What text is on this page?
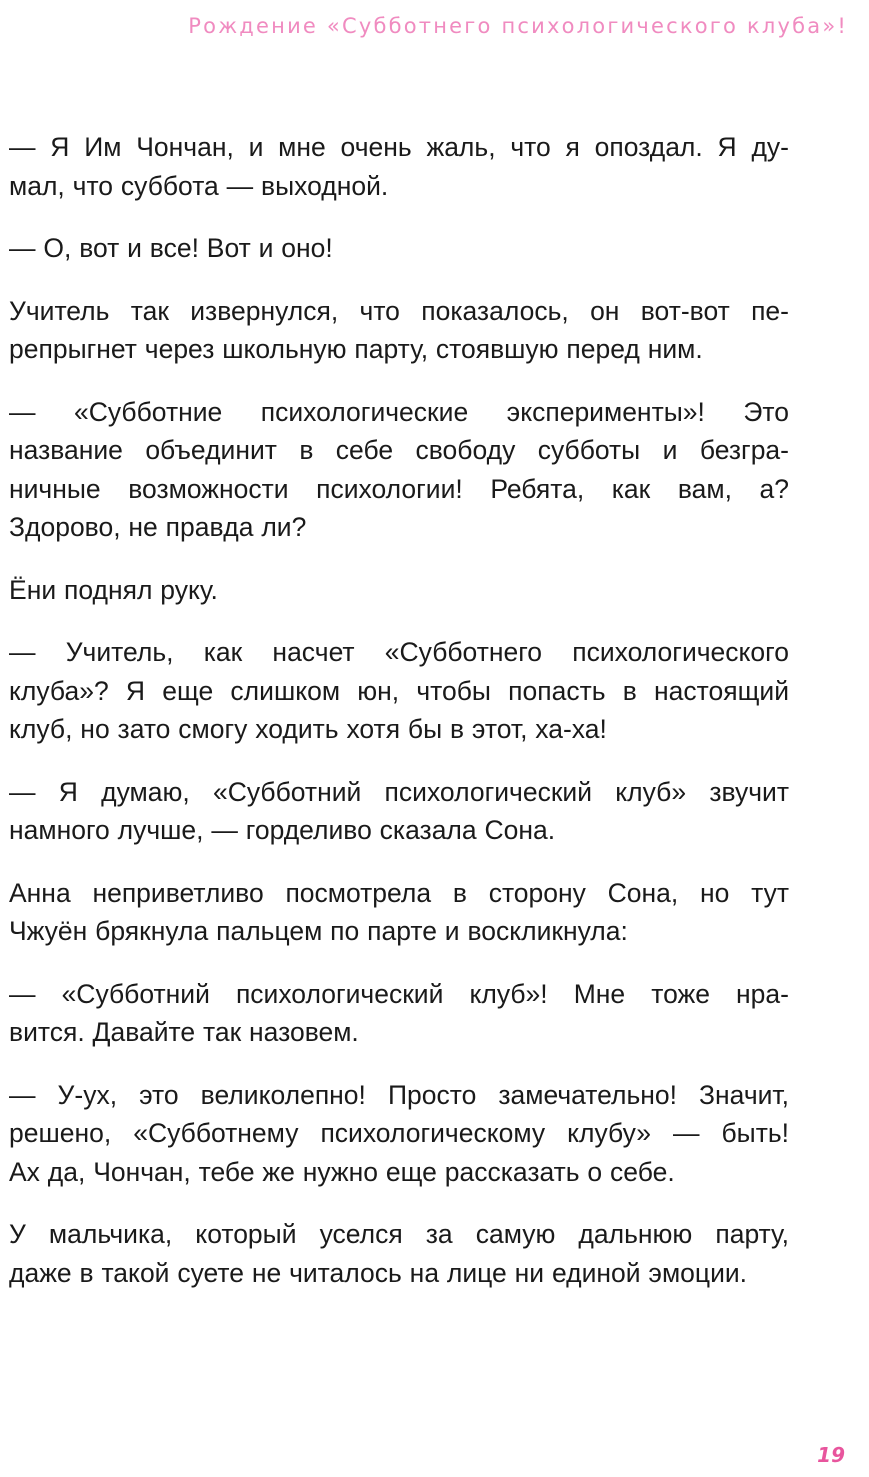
Рождение «Субботнего психологического клуба»!

— Я Им Чончан, и мне очень жаль, что я опоздал. Я ду-
мал, что суббота — выходной.

— О, вот и все! Вот и оно!

Учитель так извернулся, что показалось, он вот-вот пе-
репрыгнет через школьную парту, стоявшую перед ним.

— «Субботние психологические эксперименты»! Это
название объединит в себе свободу субботы и безгра-
ничные возможности психологии! Ребята, как вам, а?
Здорово, не правда ли?

Ёни поднял руку.

— Учитель, как насчет «Субботнего психологического
клуба»? Я еще слишком юн, чтобы попасть в настоящий
клуб, но зато смогу ходить хотя бы в этот, ха-ха!

— Я думаю, «Субботний психологический клуб» звучит
намного лучше, — горделиво сказала Сона.

Анна неприветливо посмотрела в сторону Сона, но тут
Чжуён брякнула пальцем по парте и воскликнула:

— «Субботний психологический клуб»! Мне тоже нра-
вится. Давайте так назовем.

— У-ух, это великолепно! Просто замечательно! Значит,
решено, «Субботнему психологическому клубу» — быть!
Ах да, Чончан, тебе же нужно еще рассказать о себе.

У мальчика, который уселся за самую дальнюю парту,
даже в такой суете не читалось на лице ни единой эмоции.

19
